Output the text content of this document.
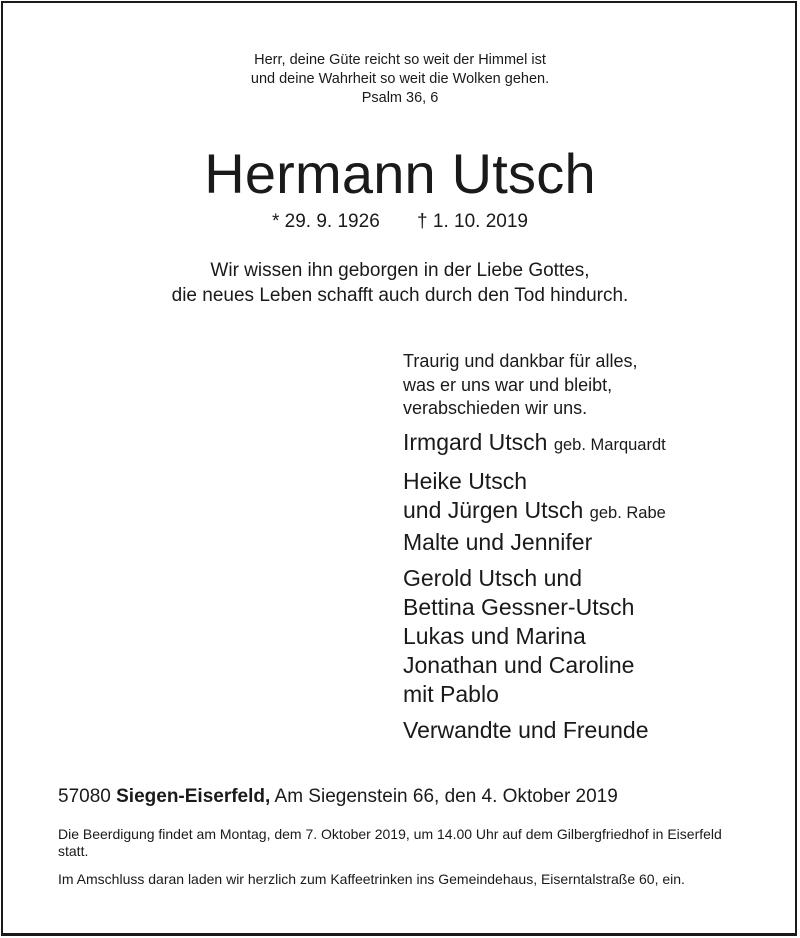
Herr, deine Güte reicht so weit der Himmel ist
und deine Wahrheit so weit die Wolken gehen.
Psalm 36, 6
Hermann Utsch
* 29. 9. 1926 † 1. 10. 2019
Wir wissen ihn geborgen in der Liebe Gottes,
die neues Leben schafft auch durch den Tod hindurch.
Traurig und dankbar für alles,
was er uns war und bleibt,
verabschieden wir uns.
Irmgard Utsch geb. Marquardt
Heike Utsch
und Jürgen Utsch geb. Rabe
Malte und Jennifer
Gerold Utsch und
Bettina Gessner-Utsch
Lukas und Marina
Jonathan und Caroline
mit Pablo
Verwandte und Freunde
57080 Siegen-Eiserfeld, Am Siegenstein 66, den 4. Oktober 2019
Die Beerdigung findet am Montag, dem 7. Oktober 2019, um 14.00 Uhr auf dem Gilbergfriedhof in Eiserfeld statt.
Im Amschluss daran laden wir herzlich zum Kaffeetrinken ins Gemeindehaus, Eiserntalstraße 60, ein.
